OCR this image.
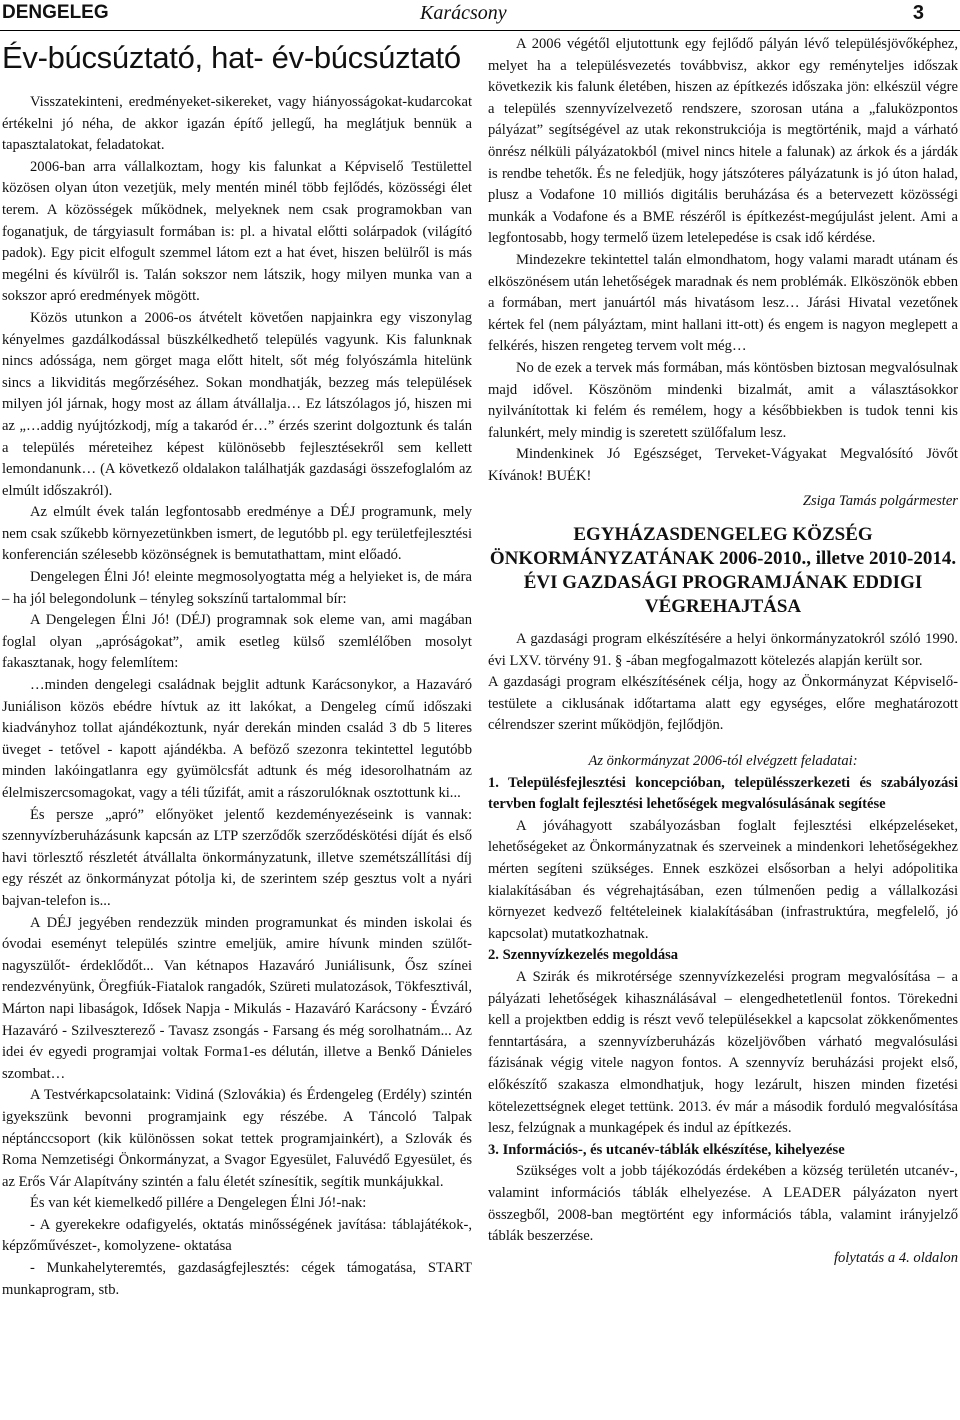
DENGELEG	Karácsony	3
Év-búcsúztató, hat- év-búcsúztató

Visszatekinteni, eredményeket-sikereket, vagy hiányosságokat-kudarcokat értékelni jó néha, de akkor igazán építő jellegű, ha meglátjuk bennük a tapasztalatokat, feladatokat.

2006-ban arra vállalkoztam, hogy kis falunkat a Képviselő Testülettel közösen olyan úton vezetjük, mely mentén minél több fejlődés, közösségi élet terem. A közösségek működnek, melyeknek nem csak programokban van foganatjuk, de tárgyiasult formában is: pl. a hivatal előtti solárpadok (világító padok). Egy picit elfogult szemmel látom ezt a hat évet, hiszen belülről is más megélni és kívülről is. Talán sokszor nem látszik, hogy milyen munka van a sokszor apró eredmények mögött.

Közös utunkon a 2006-os átvételt követően napjainkra egy viszonylag kényelmes gazdálkodással büszkélkedhető település vagyunk. Kis falunknak nincs adóssága, nem görget maga előtt hitelt, sőt még folyószámla hitelünk sincs a likviditás megőrzéséhez. Sokan mondhatják, bezzeg más települések milyen jól járnak, hogy most az állam átvállalja… Ez látszólagos jó, hiszen mi az „…addig nyújtózkodj, míg a takaród ér…” érzés szerint dolgoztunk és talán a település méreteihez képest különösebb fejlesztésekről sem kellett lemondanunk… (A következő oldalakon találhatják gazdasági összefoglalóm az elmúlt időszakról).

Az elmúlt évek talán legfontosabb eredménye a DÉJ programunk, mely nem csak szűkebb környezetünkben ismert, de legutóbb pl. egy területfejlesztési konferencián szélesebb közönségnek is bemutathattam, mint előadó.

Dengelegen Élni Jó! eleinte megmosolyogtatta még a helyieket is, de mára – ha jól belegondolunk – tényleg sokszínű tartalommal bír:

A Dengelegen Élni Jó! (DÉJ) programnak sok eleme van, ami magában foglal olyan „apróságokat”, amik esetleg külső szemlélőben mosolyt fakasztanak, hogy felemlítem:

…minden dengelegi családnak bejglit adtunk Karácsonykor, a Hazaváró Juniálison közös ebédre hívtuk az itt lakókat, a Dengeleg című időszaki kiadványhoz tollat ajándékoztunk, nyár derekán minden család 3 db 5 literes üveget - tetővel - kapott ajándékba. A beföző szezonra tekintettel legutóbb minden lakóingatlanra egy gyümölcsfát adtunk és még idesorolhatnám az élelmiszercsomagokat, vagy a téli tűzifát, amit a rászorulóknak osztottunk ki...

És persze „apró” előnyöket jelentő kezdeményezéseink is vannak: szennyvízberuházásunk kapcsán az LTP szerződők szerződéskötési díját és első havi törlesztő részletét átvállalta önkormányzatunk, illetve szemétszállítási díj egy részét az önkormányzat pótolja ki, de szerintem szép gesztus volt a nyári bajvan-telefon is...

A DÉJ jegyében rendezzük minden programunkat és minden iskolai és óvodai eseményt település szintre emeljük, amire hívunk minden szülőt- nagyszülőt- érdeklődőt... Van kétnapos Hazaváró Juniálisunk, Ősz színei rendezvényünk, Öregfiúk-Fiatalok rangadók, Szüreti mulatozások, Tökfesztivál, Márton napi libaságok, Idősek Napja - Mikulás - Hazaváró Karácsony - Évzáró Hazaváró - Szilveszterező - Tavasz zsongás - Farsang és még sorolhatnám... Az idei év egyedi programjai voltak Forma1-es délután, illetve a Benkő Dánieles szombat…

A Testvérkapcsolataink: Vidiná (Szlovákia) és Érdengeleg (Erdély) szintén igyekszünk bevonni programjaink egy részébe. A Táncoló Talpak néptánccsoport (kik különössen sokat tettek programjainkért), a Szlovák és Roma Nemzetiségi Önkormányzat, a Svagor Egyesület, Faluvédő Egyesület, és az Erős Vár Alapítvány szintén a falu életét színesítik, segítik munkájukkal.

És van két kiemelkedő pillére a Dengelegen Élni Jó!-nak:

- A gyerekekre odafigyelés, oktatás minősségének javítása: táblajátékok-, képzőművészet-, komolyzene- oktatása

- Munkahelyteremtés, gazdaságfejlesztés: cégek támogatása, START munkaprogram, stb.

A 2006 végétől eljutottunk egy fejlődő pályán lévő településjövőképhez, melyet ha a településvezetés továbbvisz, akkor egy reményteljes időszak következik kis falunk életében, hiszen az építkezés időszaka jön: elkészül végre a település szennyvízelvezető rendszere, szorosan utána a „faluközpontos pályázat” segítségével az utak rekonstrukciója is megtörténik, majd a várható önrész nélküli pályázatokból (mivel nincs hitele a falunak) az árkok és a járdák is rendbe tehetők. És ne feledjük, hogy játszóteres pályázatunk is jó úton halad, plusz a Vodafone 10 milliós digitális beruházása és a betervezett közösségi munkák a Vodafone és a BME részéről is építkezést-megújulást jelent. Ami a legfontosabb, hogy termelő üzem letelepedése is csak idő kérdése.

Mindezekre tekintettel talán elmondhatom, hogy valami maradt utánam és elköszönésem után lehetőségek maradnak és nem problémák. Elköszönök ebben a formában, mert januártól más hivatásom lesz… Járási Hivatal vezetőnek kértek fel (nem pályáztam, mint hallani itt-ott) és engem is nagyon meglepett a felkérés, hiszen rengeteg tervem volt még…

No de ezek a tervek más formában, más köntösben biztosan megvalósulnak majd idővel. Köszönöm mindenki bizalmát, amit a választásokkor nyilvánítottak ki felém és remélem, hogy a későbbiekben is tudok tenni kis falunkért, mely mindig is szeretett szülőfalum lesz.

Mindenkinek Jó Egészséget, Terveket-Vágyakat Megvalósító Jövőt Kívánok! BUÉK!

Zsiga Tamás polgármester
EGYHÁZASDENGELEG KÖZSÉG ÖNKORMÁNYZATÁNAK 2006-2010., illetve 2010-2014. ÉVI GAZDASÁGI PROGRAMJÁNAK EDDIGI VÉGREHAJTÁSA

A gazdasági program elkészítésére a helyi önkormányzatokról szóló 1990. évi LXV. törvény 91. § -ában megfogalmazott kötelezés alapján került sor.

A gazdasági program elkészítésének célja, hogy az Önkormányzat Képviselő-testülete a ciklusának időtartama alatt egy egységes, előre meghatározott célrendszer szerint működjön, fejlődjön.

Az önkormányzat 2006-tól elvégzett feladatai:

1. Településfejlesztési koncepcióban, településszerkezeti és szabályozási tervben foglalt fejlesztési lehetőségek megvalósulásának segítése

A jóváhagyott szabályozásban foglalt fejlesztési elképzeléseket, lehetőségeket az Önkormányzatnak és szerveinek a mindenkori lehetőségekhez mérten segíteni szükséges. Ennek eszközei elsősorban a helyi adópolitika kialakításában és végrehajtásában, ezen túlmenően pedig a vállalkozási környezet kedvező feltételeinek kialakításában (infrastruktúra, megfelelő, jó kapcsolat) mutatkozhatnak.

2. Szennyvízkezelés megoldása

A Szirák és mikrotérsége szennyvízkezelési program megvalósítása – a pályázati lehetőségek kihasználásával – elengedhetetlenül fontos. Törekedni kell a projektben eddig is részt vevő településekkel a kapcsolat zökkenőmentes fenntartására, a szennyvízberuházás közeljövőben várható megvalósulási fázisának végig vitele nagyon fontos. A szennyvíz beruházási projekt első, előkészítő szakasza elmondhatjuk, hogy lezárult, hiszen minden fizetési kötelezettségnek eleget tettünk. 2013. év már a második forduló megvalósítása lesz, felzúgnak a munkagépek és indul az építkezés.

3. Információs-, és utcanév-táblák elkészítése, kihelyezése

Szükséges volt a jobb tájékozódás érdekében a község területén utcanév-, valamint információs táblák elhelyezése. A LEADER pályázaton nyert összegből, 2008-ban megtörtént egy információs tábla, valamint irányjelző táblák beszerzése.

folytatás a 4. oldalon
